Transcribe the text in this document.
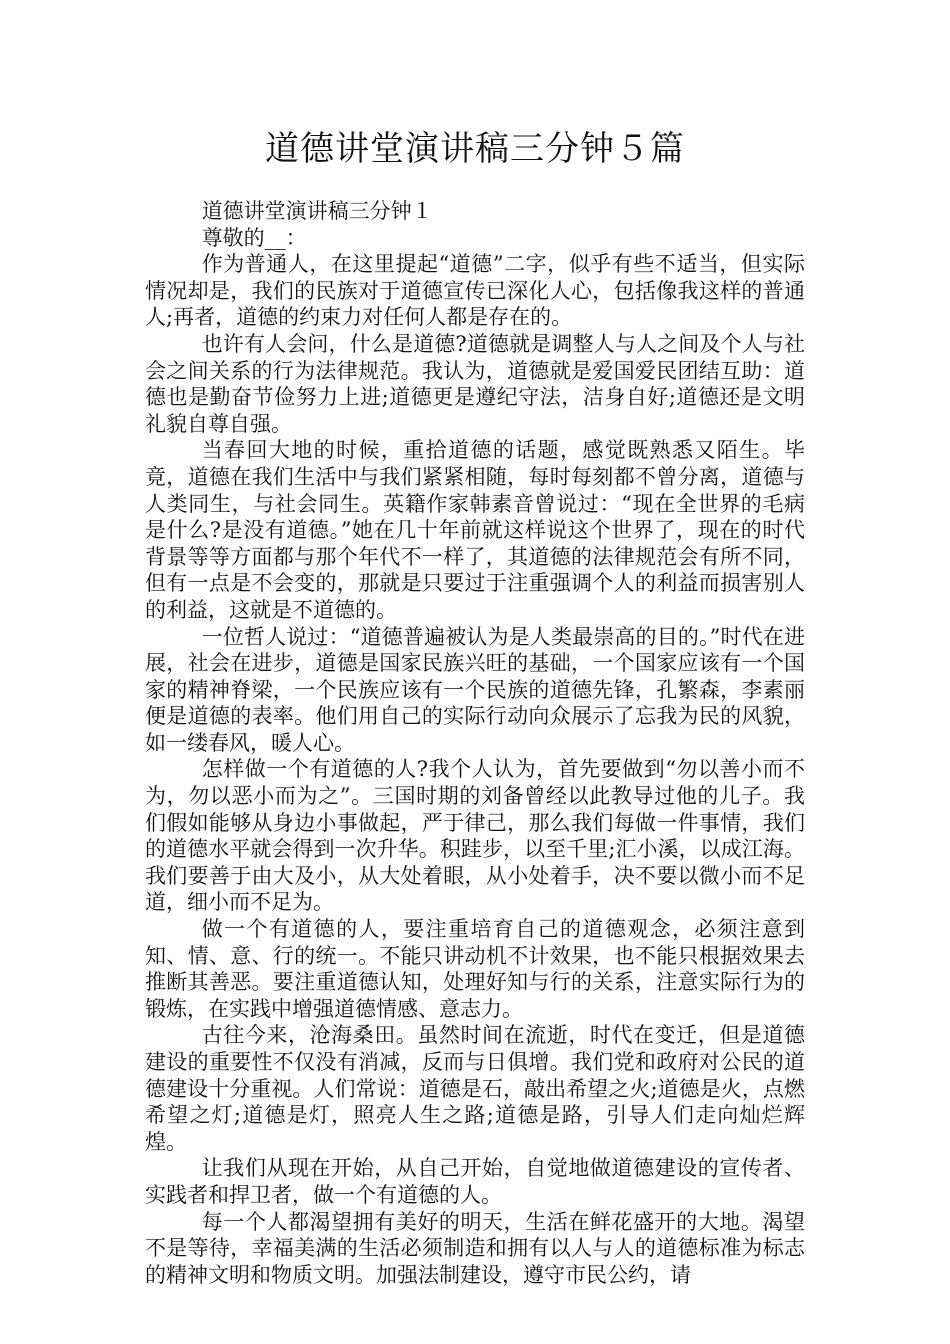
道德讲堂演讲稿三分钟５篇

道德讲堂演讲稿三分钟１

尊敬的__：

作为普通人，在这里提起“道德”二字，似乎有些不适当，但实际情况却是，我们的民族对于道德宣传已深化人心，包括像我这样的普通人;再者，道德的约束力对任何人都是存在的。

也许有人会问，什么是道德?道德就是调整人与人之间及个人与社会之间关系的行为法律规范。我认为，道德就是爱国爱民团结互助：道德也是勤奋节俭努力上进;道德更是遵纪守法，洁身自好;道德还是文明礼貌自尊自强。

当春回大地的时候，重拾道德的话题，感觉既熟悉又陌生。毕竟，道德在我们生活中与我们紧紧相随，每时每刻都不曾分离，道德与人类同生，与社会同生。英籍作家韩素音曾说过：“现在全世界的毛病是什么?是没有道德。”她在几十年前就这样说这个世界了，现在的时代背景等等方面都与那个年代不一样了，其道德的法律规范会有所不同，但有一点是不会变的，那就是只要过于注重强调个人的利益而损害别人的利益，这就是不道德的。

一位哲人说过：“道德普遍被认为是人类最崇高的目的。”时代在进展，社会在进步，道德是国家民族兴旺的基础，一个国家应该有一个国家的精神脊梁，一个民族应该有一个民族的道德先锋，孔繁森，李素丽便是道德的表率。他们用自己的实际行动向众展示了忘我为民的风貌，如一缕春风，暖人心。

怎样做一个有道德的人?我个人认为，首先要做到“勿以善小而不为，勿以恶小而为之”。三国时期的刘备曾经以此教导过他的儿子。我们假如能够从身边小事做起，严于律己，那么我们每做一件事情，我们的道德水平就会得到一次升华。积跬步，以至千里;汇小溪，以成江海。我们要善于由大及小，从大处着眼，从小处着手，决不要以微小而不足道，细小而不足为。

做一个有道德的人，要注重培育自己的道德观念，必须注意到知、情、意、行的统一。不能只讲动机不计效果，也不能只根据效果去推断其善恶。要注重道德认知，处理好知与行的关系，注意实际行为的锻炼，在实践中增强道德情感、意志力。

古往今来，沧海桑田。虽然时间在流逝，时代在变迁，但是道德建设的重要性不仅没有消减，反而与日俱增。我们党和政府对公民的道德建设十分重视。人们常说：道德是石，敲出希望之火;道德是火，点燃希望之灯;道德是灯，照亮人生之路;道德是路，引导人们走向灿烂辉煌。

让我们从现在开始，从自己开始，自觉地做道德建设的宣传者、实践者和捍卫者，做一个有道德的人。

每一个人都渴望拥有美好的明天，生活在鲜花盛开的大地。渴望不是等待，幸福美满的生活必须制造和拥有以人与人的道德标准为标志的精神文明和物质文明。加强法制建设，遵守市民公约，请
